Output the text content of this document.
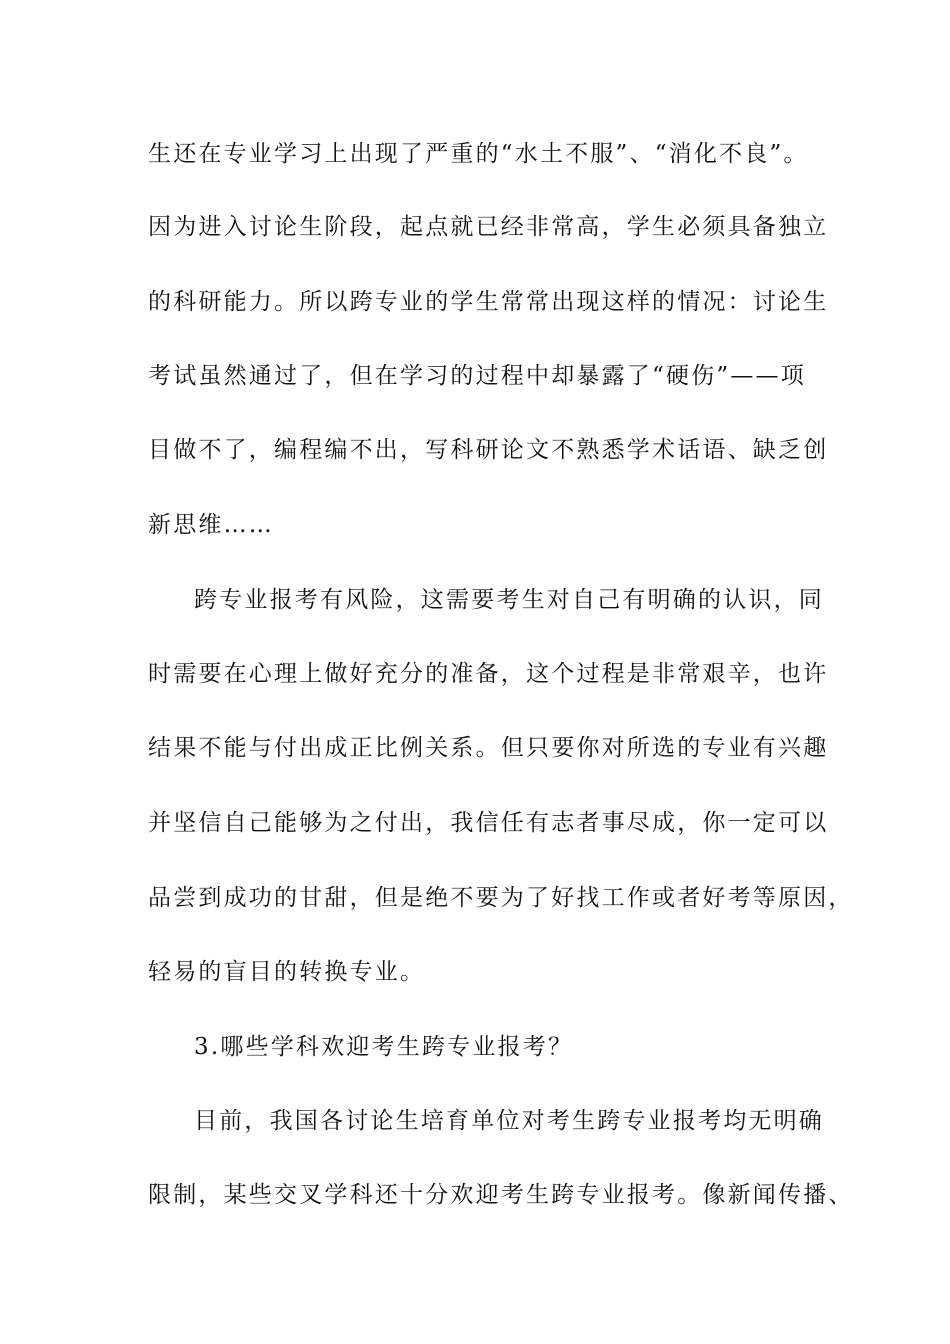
生还在专业学习上出现了严重的“水土不服”、“消化不良”。
因为进入讨论生阶段，起点就已经非常高，学生必须具备独立
的科研能力。所以跨专业的学生常常出现这样的情况：讨论生
考试虽然通过了，但在学习的过程中却暴露了“硬伤”——项
目做不了，编程编不出，写科研论文不熟悉学术话语、缺乏创
新思维……
跨专业报考有风险，这需要考生对自己有明确的认识，同
时需要在心理上做好充分的准备，这个过程是非常艰辛，也许
结果不能与付出成正比例关系。但只要你对所选的专业有兴趣
并坚信自己能够为之付出，我信任有志者事尽成，你一定可以
品尝到成功的甘甜，但是绝不要为了好找工作或者好考等原因，
轻易的盲目的转换专业。
3.哪些学科欢迎考生跨专业报考？
目前，我国各讨论生培育单位对考生跨专业报考均无明确
限制，某些交叉学科还十分欢迎考生跨专业报考。像新闻传播、
